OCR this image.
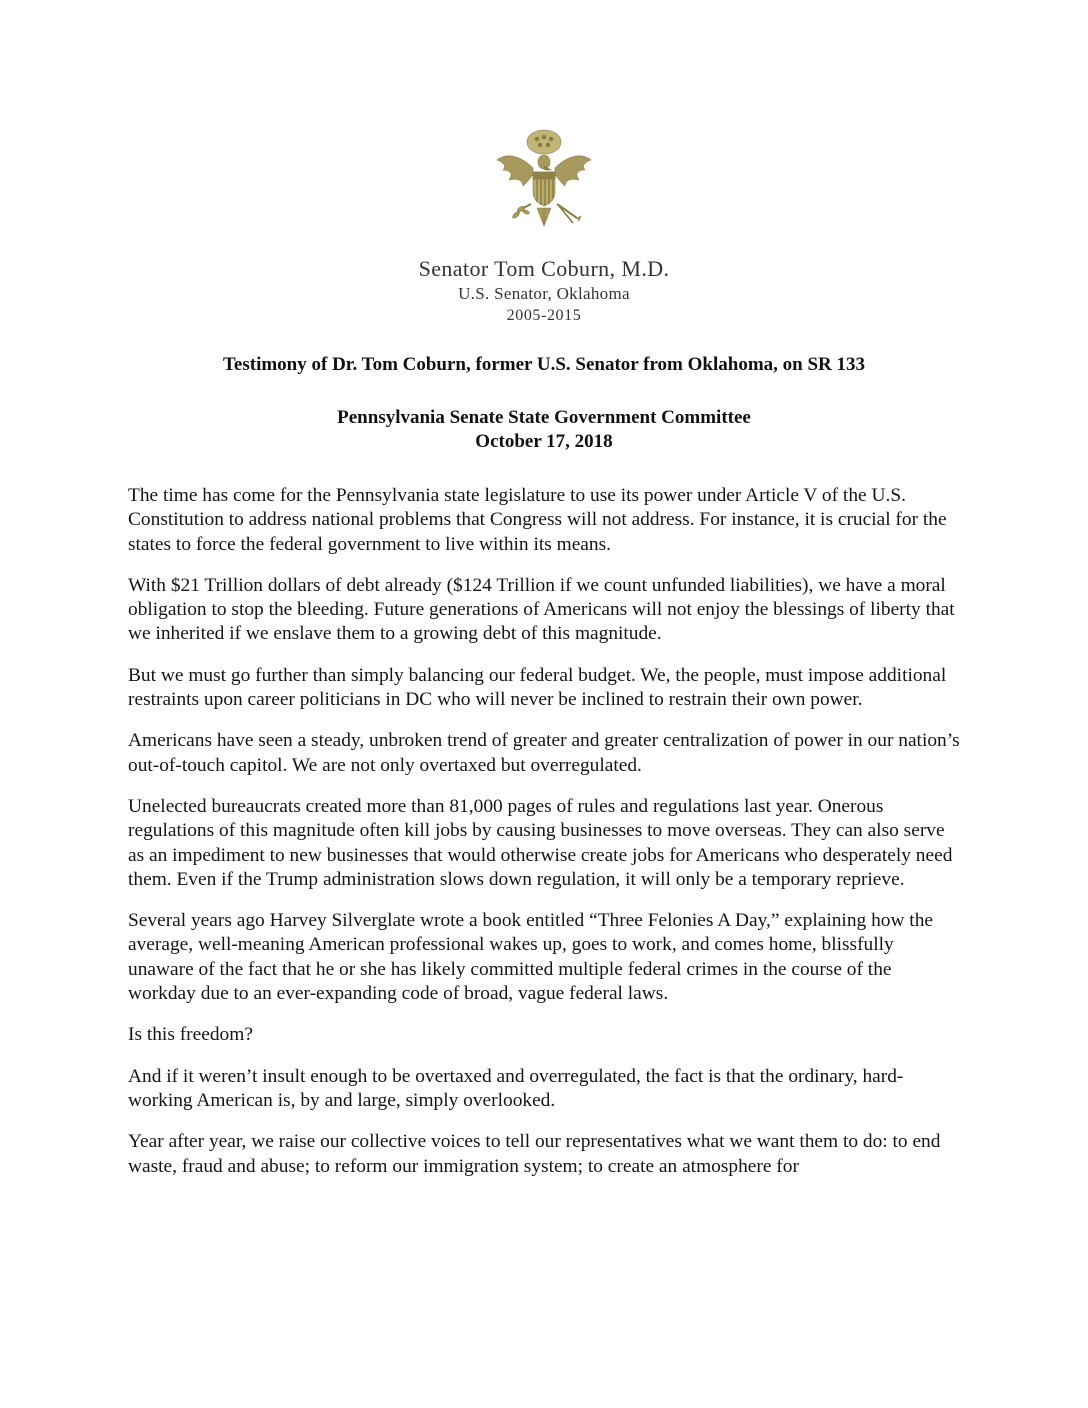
Senator Tom Coburn, M.D.
U.S. Senator, Oklahoma
2005-2015
Testimony of Dr. Tom Coburn, former U.S. Senator from Oklahoma, on SR 133
Pennsylvania Senate State Government Committee
October 17, 2018

The time has come for the Pennsylvania state legislature to use its power under Article V of the U.S. Constitution to address national problems that Congress will not address. For instance, it is crucial for the states to force the federal government to live within its means.

With $21 Trillion dollars of debt already ($124 Trillion if we count unfunded liabilities), we have a moral obligation to stop the bleeding. Future generations of Americans will not enjoy the blessings of liberty that we inherited if we enslave them to a growing debt of this magnitude.

But we must go further than simply balancing our federal budget. We, the people, must impose additional restraints upon career politicians in DC who will never be inclined to restrain their own power.

Americans have seen a steady, unbroken trend of greater and greater centralization of power in our nation’s out-of-touch capitol. We are not only overtaxed but overregulated.

Unelected bureaucrats created more than 81,000 pages of rules and regulations last year. Onerous regulations of this magnitude often kill jobs by causing businesses to move overseas. They can also serve as an impediment to new businesses that would otherwise create jobs for Americans who desperately need them. Even if the Trump administration slows down regulation, it will only be a temporary reprieve.

Several years ago Harvey Silverglate wrote a book entitled “Three Felonies A Day,” explaining how the average, well-meaning American professional wakes up, goes to work, and comes home, blissfully unaware of the fact that he or she has likely committed multiple federal crimes in the course of the workday due to an ever-expanding code of broad, vague federal laws.

Is this freedom?

And if it weren’t insult enough to be overtaxed and overregulated, the fact is that the ordinary, hard-working American is, by and large, simply overlooked.

Year after year, we raise our collective voices to tell our representatives what we want them to do: to end waste, fraud and abuse; to reform our immigration system; to create an atmosphere for
